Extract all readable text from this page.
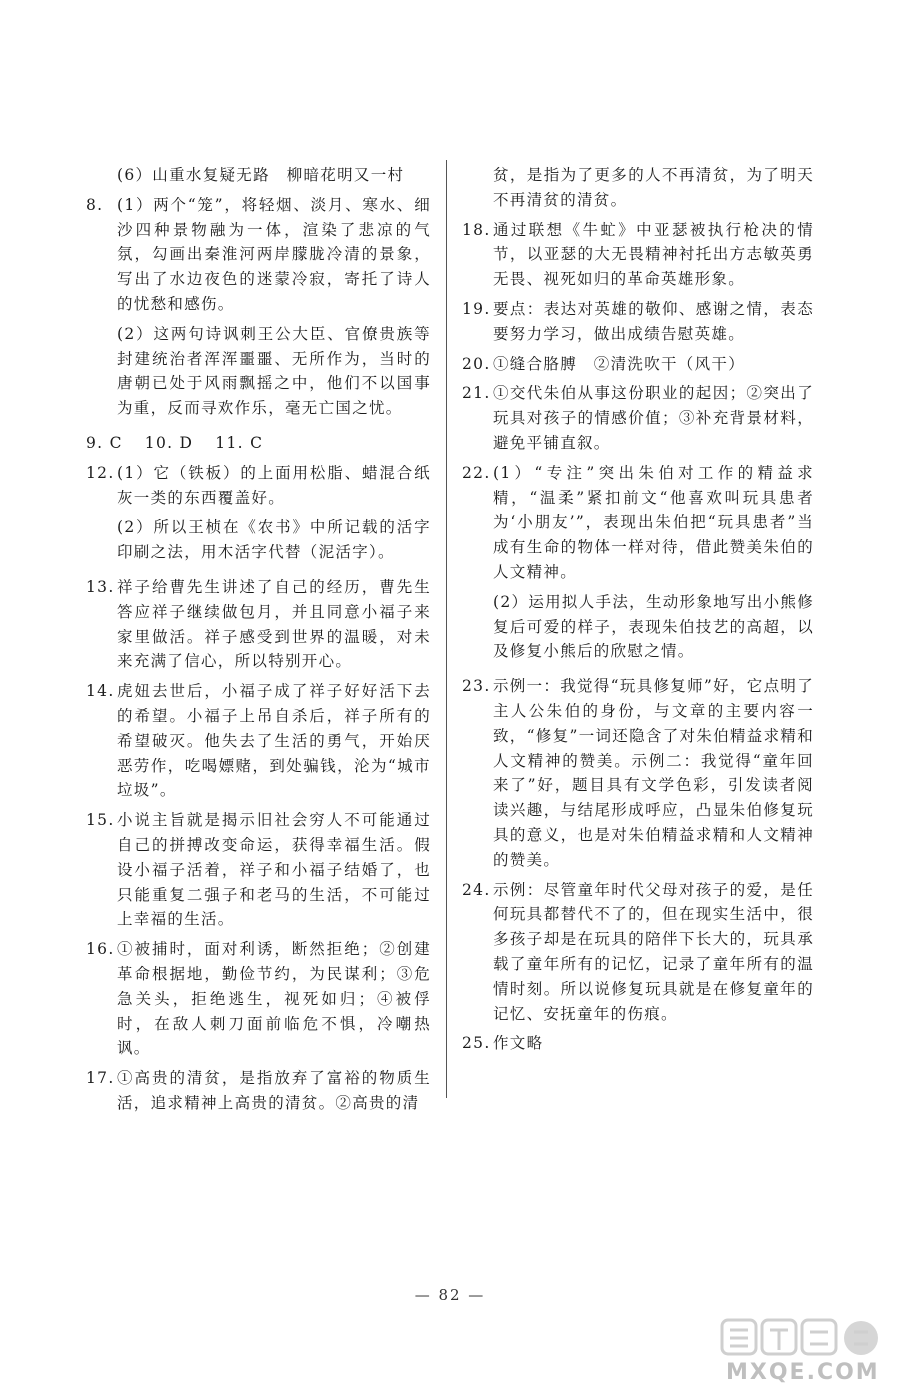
(6）山重水复疑无路　柳暗花明又一村
8. (1）两个“笼”，将轻烟、淡月、寒水、细沙四种景物融为一体，渲染了悲凉的气氛，勾画出秦淮河两岸朦胧冷清的景象，写出了水边夜色的迷蒙冷寂，寄托了诗人的忧愁和感伤。
(2）这两句诗讽刺王公大臣、官僚贵族等封建统治者浑浑噩噩、无所作为，当时的唐朝已处于风雨飘摇之中，他们不以国事为重，反而寻欢作乐，毫无亡国之忧。
9. C 10. D 11. C
12. (1）它（铁板）的上面用松脂、蜡混合纸灰一类的东西覆盖好。
(2）所以王桢在《农书》中所记载的活字印刷之法，用木活字代替（泥活字）。
13. 祥子给曹先生讲述了自己的经历，曹先生答应祥子继续做包月，并且同意小福子来家里做活。祥子感受到世界的温暖，对未来充满了信心，所以特别开心。
14. 虎妞去世后，小福子成了祥子好好活下去的希望。小福子上吊自杀后，祥子所有的希望破灭。他失去了生活的勇气，开始厌恶劳作，吃喝嫖赌，到处骗钱，沦为“城市垃圾”。
15. 小说主旨就是揭示旧社会穷人不可能通过自己的拼搏改变命运，获得幸福生活。假设小福子活着，祥子和小福子结婚了，也只能重复二强子和老马的生活，不可能过上幸福的生活。
16. ①被捕时，面对利诱，断然拒绝；②创建革命根据地，勤俭节约，为民谋利；③危急关头，拒绝逃生，视死如归；④被俘时，在敌人刺刀面前临危不惧，冷嘲热讽。
17. ①高贵的清贫，是指放弃了富裕的物质生活，追求精神上高贵的清贫。②高贵的清
贫，是指为了更多的人不再清贫，为了明天不再清贫的清贫。
18. 通过联想《牛虻》中亚瑟被执行枪决的情节，以亚瑟的大无畏精神衬托出方志敏英勇无畏、视死如归的革命英雄形象。
19. 要点：表达对英雄的敬仰、感谢之情，表态要努力学习，做出成绩告慰英雄。
20. ①缝合胳膊　②清洗吹干（风干）
21. ①交代朱伯从事这份职业的起因；②突出了玩具对孩子的情感价值；③补充背景材料，避免平铺直叙。
22. (1）“专注”突出朱伯对工作的精益求精，“温柔”紧扣前文“他喜欢叫玩具患者为‘小朋友’”，表现出朱伯把“玩具患者”当成有生命的物体一样对待，借此赞美朱伯的人文精神。
(2）运用拟人手法，生动形象地写出小熊修复后可爱的样子，表现朱伯技艺的高超，以及修复小熊后的欣慰之情。
23. 示例一：我觉得“玩具修复师”好，它点明了主人公朱伯的身份，与文章的主要内容一致，“修复”一词还隐含了对朱伯精益求精和人文精神的赞美。示例二：我觉得“童年回来了”好，题目具有文学色彩，引发读者阅读兴趣，与结尾形成呼应，凸显朱伯修复玩具的意义，也是对朱伯精益求精和人文精神的赞美。
24. 示例：尽管童年时代父母对孩子的爱，是任何玩具都替代不了的，但在现实生活中，很多孩子却是在玩具的陪伴下长大的，玩具承载了童年所有的记忆，记录了童年所有的温情时刻。所以说修复玩具就是在修复童年的记忆、安抚童年的伤痕。
25. 作文略
— 82 —
MXQE.COM
